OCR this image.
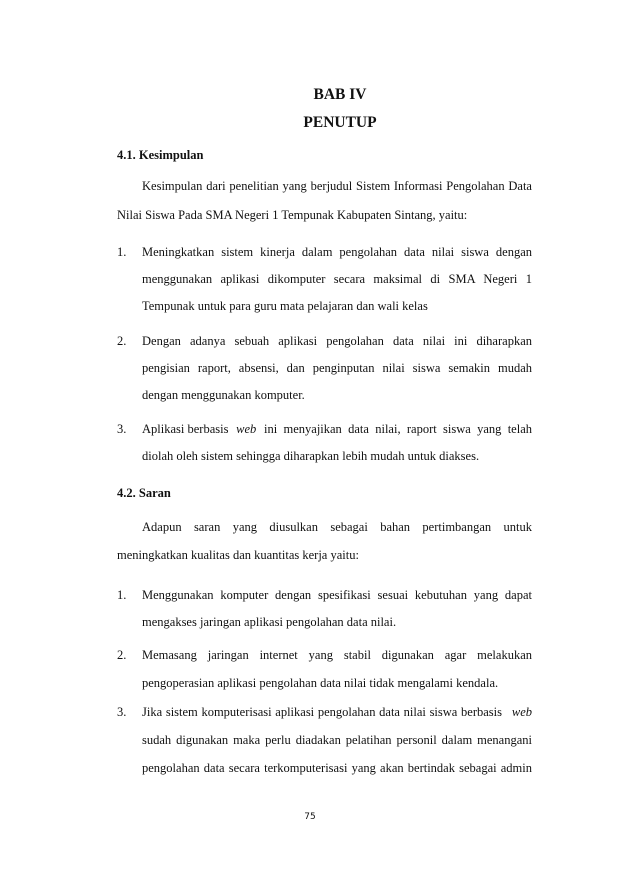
BAB IV
PENUTUP
4.1. Kesimpulan

Kesimpulan dari penelitian yang berjudul Sistem Informasi Pengolahan Data

Nilai Siswa Pada SMA Negeri 1 Tempunak Kabupaten Sintang, yaitu:

1. Meningkatkan sistem kinerja dalam pengolahan data nilai siswa dengan

menggunakan aplikasi dikomputer secara maksimal di SMA Negeri 1

Tempunak untuk para guru mata pelajaran dan wali kelas

2. Dengan adanya sebuah aplikasi pengolahan data nilai ini diharapkan

pengisian raport, absensi, dan penginputan nilai siswa semakin mudah

dengan menggunakan komputer.

3. Aplikasi berbasis web ini menyajikan data nilai, raport siswa yang telah

diolah oleh sistem sehingga diharapkan lebih mudah untuk diakses.

4.2. Saran

Adapun saran yang diusulkan sebagai bahan pertimbangan untuk

meningkatkan kualitas dan kuantitas kerja yaitu:

1. Menggunakan komputer dengan spesifikasi sesuai kebutuhan yang dapat

mengakses jaringan aplikasi pengolahan data nilai.

2. Memasang jaringan internet yang stabil digunakan agar melakukan

pengoperasian aplikasi pengolahan data nilai tidak mengalami kendala.

3. Jika sistem komputerisasi aplikasi pengolahan data nilai siswa berbasis web

sudah digunakan maka perlu diadakan pelatihan personil dalam menangani

pengolahan data secara terkomputerisasi yang akan bertindak sebagai admin

75
